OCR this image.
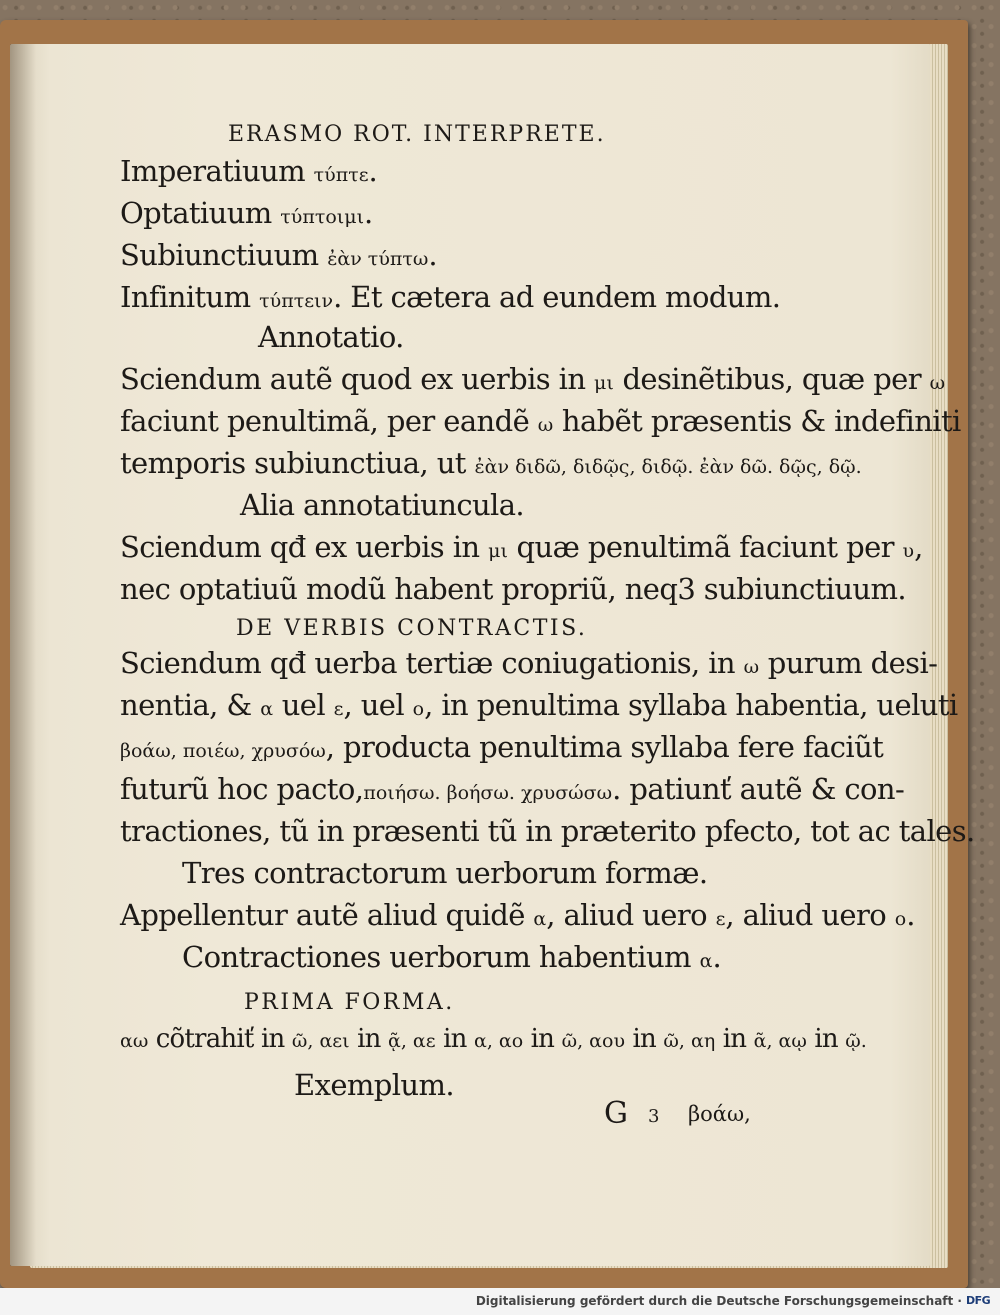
ERASMO ROT. INTERPRETE.
Imperatiuum τύπτε.
Optatiuum τύπτοιμι.
Subiunctiuum ἐὰν τύπτω.
Infinitum τύπτειν. Et cætera ad eundem modum.
Annotatio.
Sciendum autẽ quod ex uerbis in μι desinẽtibus, quæ per ω
faciunt penultimã, per eandẽ ω habẽt præsentis & indefiniti
temporis subiunctiua, ut ἐὰν διδῶ, διδῷς, διδῷ. ἐὰν δῶ. δῷς, δῷ.
Alia annotatiuncula.
Sciendum qđ ex uerbis in μι quæ penultimã faciunt per υ,
nec optatiuũ modũ habent propriũ, neq3 subiunctiuum.
DE VERBIS CONTRACTIS.
Sciendum qđ uerba tertiæ coniugationis, in ω purum desi-
nentia, & α uel ε, uel ο, in penultima syllaba habentia, ueluti
βοάω, ποιέω, χρυσόω, producta penultima syllaba fere faciũt
futurũ hoc pacto,ποιήσω. βοήσω. χρυσώσω. patiunť autẽ & con-
tractiones, tũ in præsenti tũ in præterito pfecto, tot ac tales.
Tres contractorum uerborum formæ.
Appellentur autẽ aliud quidẽ α, aliud uero ε, aliud uero ο.
Contractiones uerborum habentium α.
PRIMA FORMA.
αω cõtrahiť in ῶ, αει in ᾷ, αε in α, αο in ῶ, αου in ῶ, αη in ᾶ, αῳ in ῷ.
Exemplum.
G 3 βοάω,
Digitalisierung gefördert durch die Deutsche Forschungsgemeinschaft · DFG
